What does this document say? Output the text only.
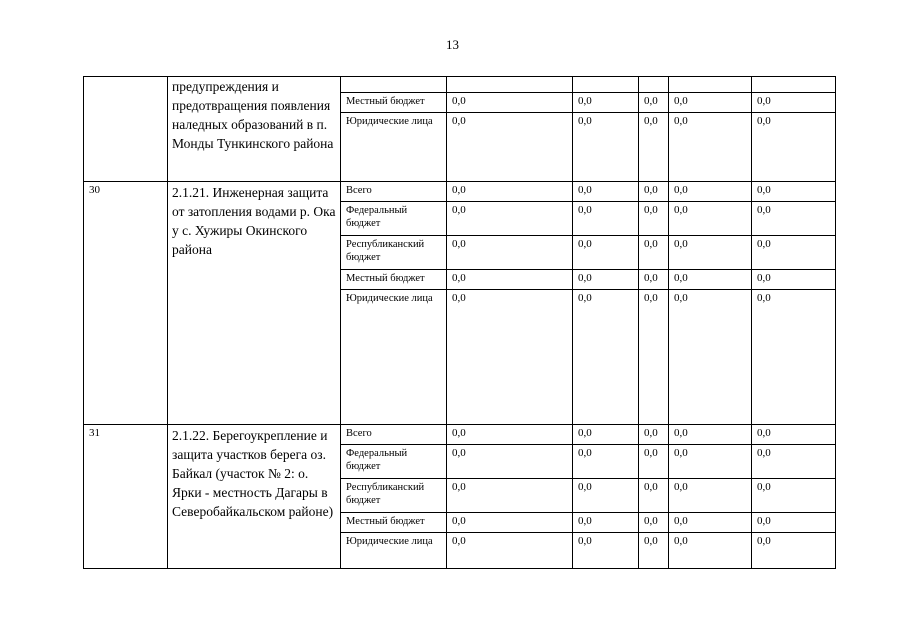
13
	предупреждения и предотвращения появления наледных образований в п. Монды Тункинского района						
		Местный бюджет	0,0	0,0	0,0	0,0	0,0
		Юридические лица	0,0	0,0	0,0	0,0	0,0
30	2.1.21. Инженерная защита от затопления водами р. Ока у с. Хужиры Окинского района	Всего	0,0	0,0	0,0	0,0	0,0
		Федеральный бюджет	0,0	0,0	0,0	0,0	0,0
		Республиканский бюджет	0,0	0,0	0,0	0,0	0,0
		Местный бюджет	0,0	0,0	0,0	0,0	0,0
		Юридические лица	0,0	0,0	0,0	0,0	0,0
31	2.1.22. Берегоукрепление и защита участков берега оз. Байкал (участок № 2: о. Ярки - местность Дагары в Северобайкальском районе)	Всего	0,0	0,0	0,0	0,0	0,0
		Федеральный бюджет	0,0	0,0	0,0	0,0	0,0
		Республиканский бюджет	0,0	0,0	0,0	0,0	0,0
		Местный бюджет	0,0	0,0	0,0	0,0	0,0
		Юридические лица	0,0	0,0	0,0	0,0	0,0
